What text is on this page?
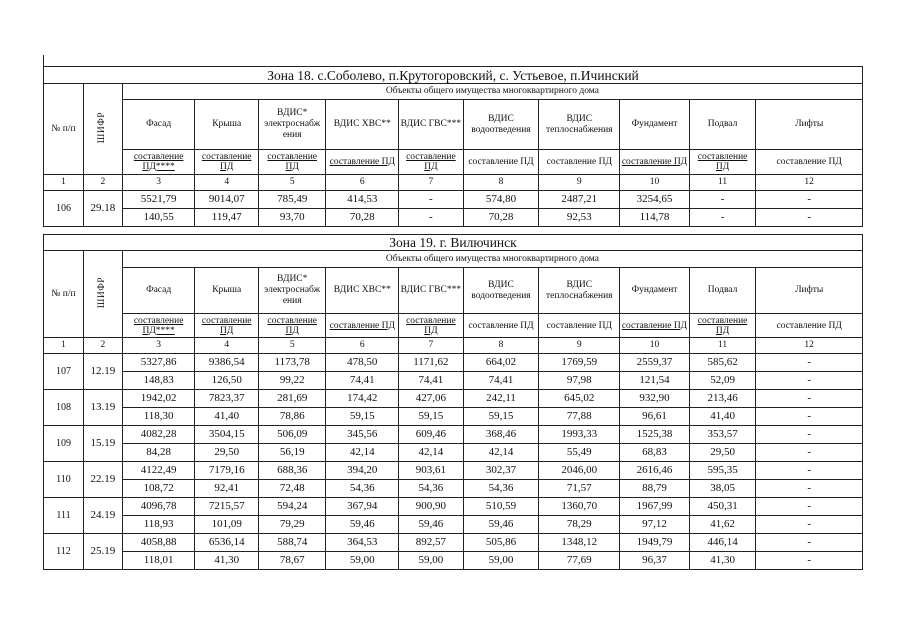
Зона 18. с.Соболево, п.Крутогоровский, с. Устьевое, п.Ичинский											
№ п/п	ШИФР	Объекты общего имущества многоквартирного дома									
		Фасад	Крыша	ВДИС* электроснабж ения	ВДИС ХВС**	ВДИС ГВС***	ВДИС водоотведения	ВДИС теплоснабжения	Фундамент	Подвал	Лифты
		составление ПД****	составление ПД	составление ПД	составление ПД	составление ПД	составление ПД	составление ПД	составление ПД	составление ПД	составление ПД
1	2	3	4	5	6	7	8	9	10	11	12
106	29.18	5521,79	9014,07	785,49	414,53	-	574,80	2487,21	3254,65	-	-
		140,55	119,47	93,70	70,28	-	70,28	92,53	114,78	-	-
Зона 19. г. Вилючинск											
№ п/п	ШИФР	Объекты общего имущества многоквартирного дома									
		Фасад	Крыша	ВДИС* электроснабж ения	ВДИС ХВС**	ВДИС ГВС***	ВДИС водоотведения	ВДИС теплоснабжения	Фундамент	Подвал	Лифты
		составление ПД****	составление ПД	составление ПД	составление ПД	составление ПД	составление ПД	составление ПД	составление ПД	составление ПД	составление ПД
1	2	3	4	5	6	7	8	9	10	11	12
107	12.19	5327,86	9386,54	1173,78	478,50	1171,62	664,02	1769,59	2559,37	585,62	-
		148,83	126,50	99,22	74,41	74,41	74,41	97,98	121,54	52,09	-
108	13.19	1942,02	7823,37	281,69	174,42	427,06	242,11	645,02	932,90	213,46	-
		118,30	41,40	78,86	59,15	59,15	59,15	77,88	96,61	41,40	-
109	15.19	4082,28	3504,15	506,09	345,56	609,46	368,46	1993,33	1525,38	353,57	-
		84,28	29,50	56,19	42,14	42,14	42,14	55,49	68,83	29,50	-
110	22.19	4122,49	7179,16	688,36	394,20	903,61	302,37	2046,00	2616,46	595,35	-
		108,72	92,41	72,48	54,36	54,36	54,36	71,57	88,79	38,05	-
111	24.19	4096,78	7215,57	594,24	367,94	900,90	510,59	1360,70	1967,99	450,31	-
		118,93	101,09	79,29	59,46	59,46	59,46	78,29	97,12	41,62	-
112	25.19	4058,88	6536,14	588,74	364,53	892,57	505,86	1348,12	1949,79	446,14	-
		118,01	41,30	78,67	59,00	59,00	59,00	77,69	96,37	41,30	-
